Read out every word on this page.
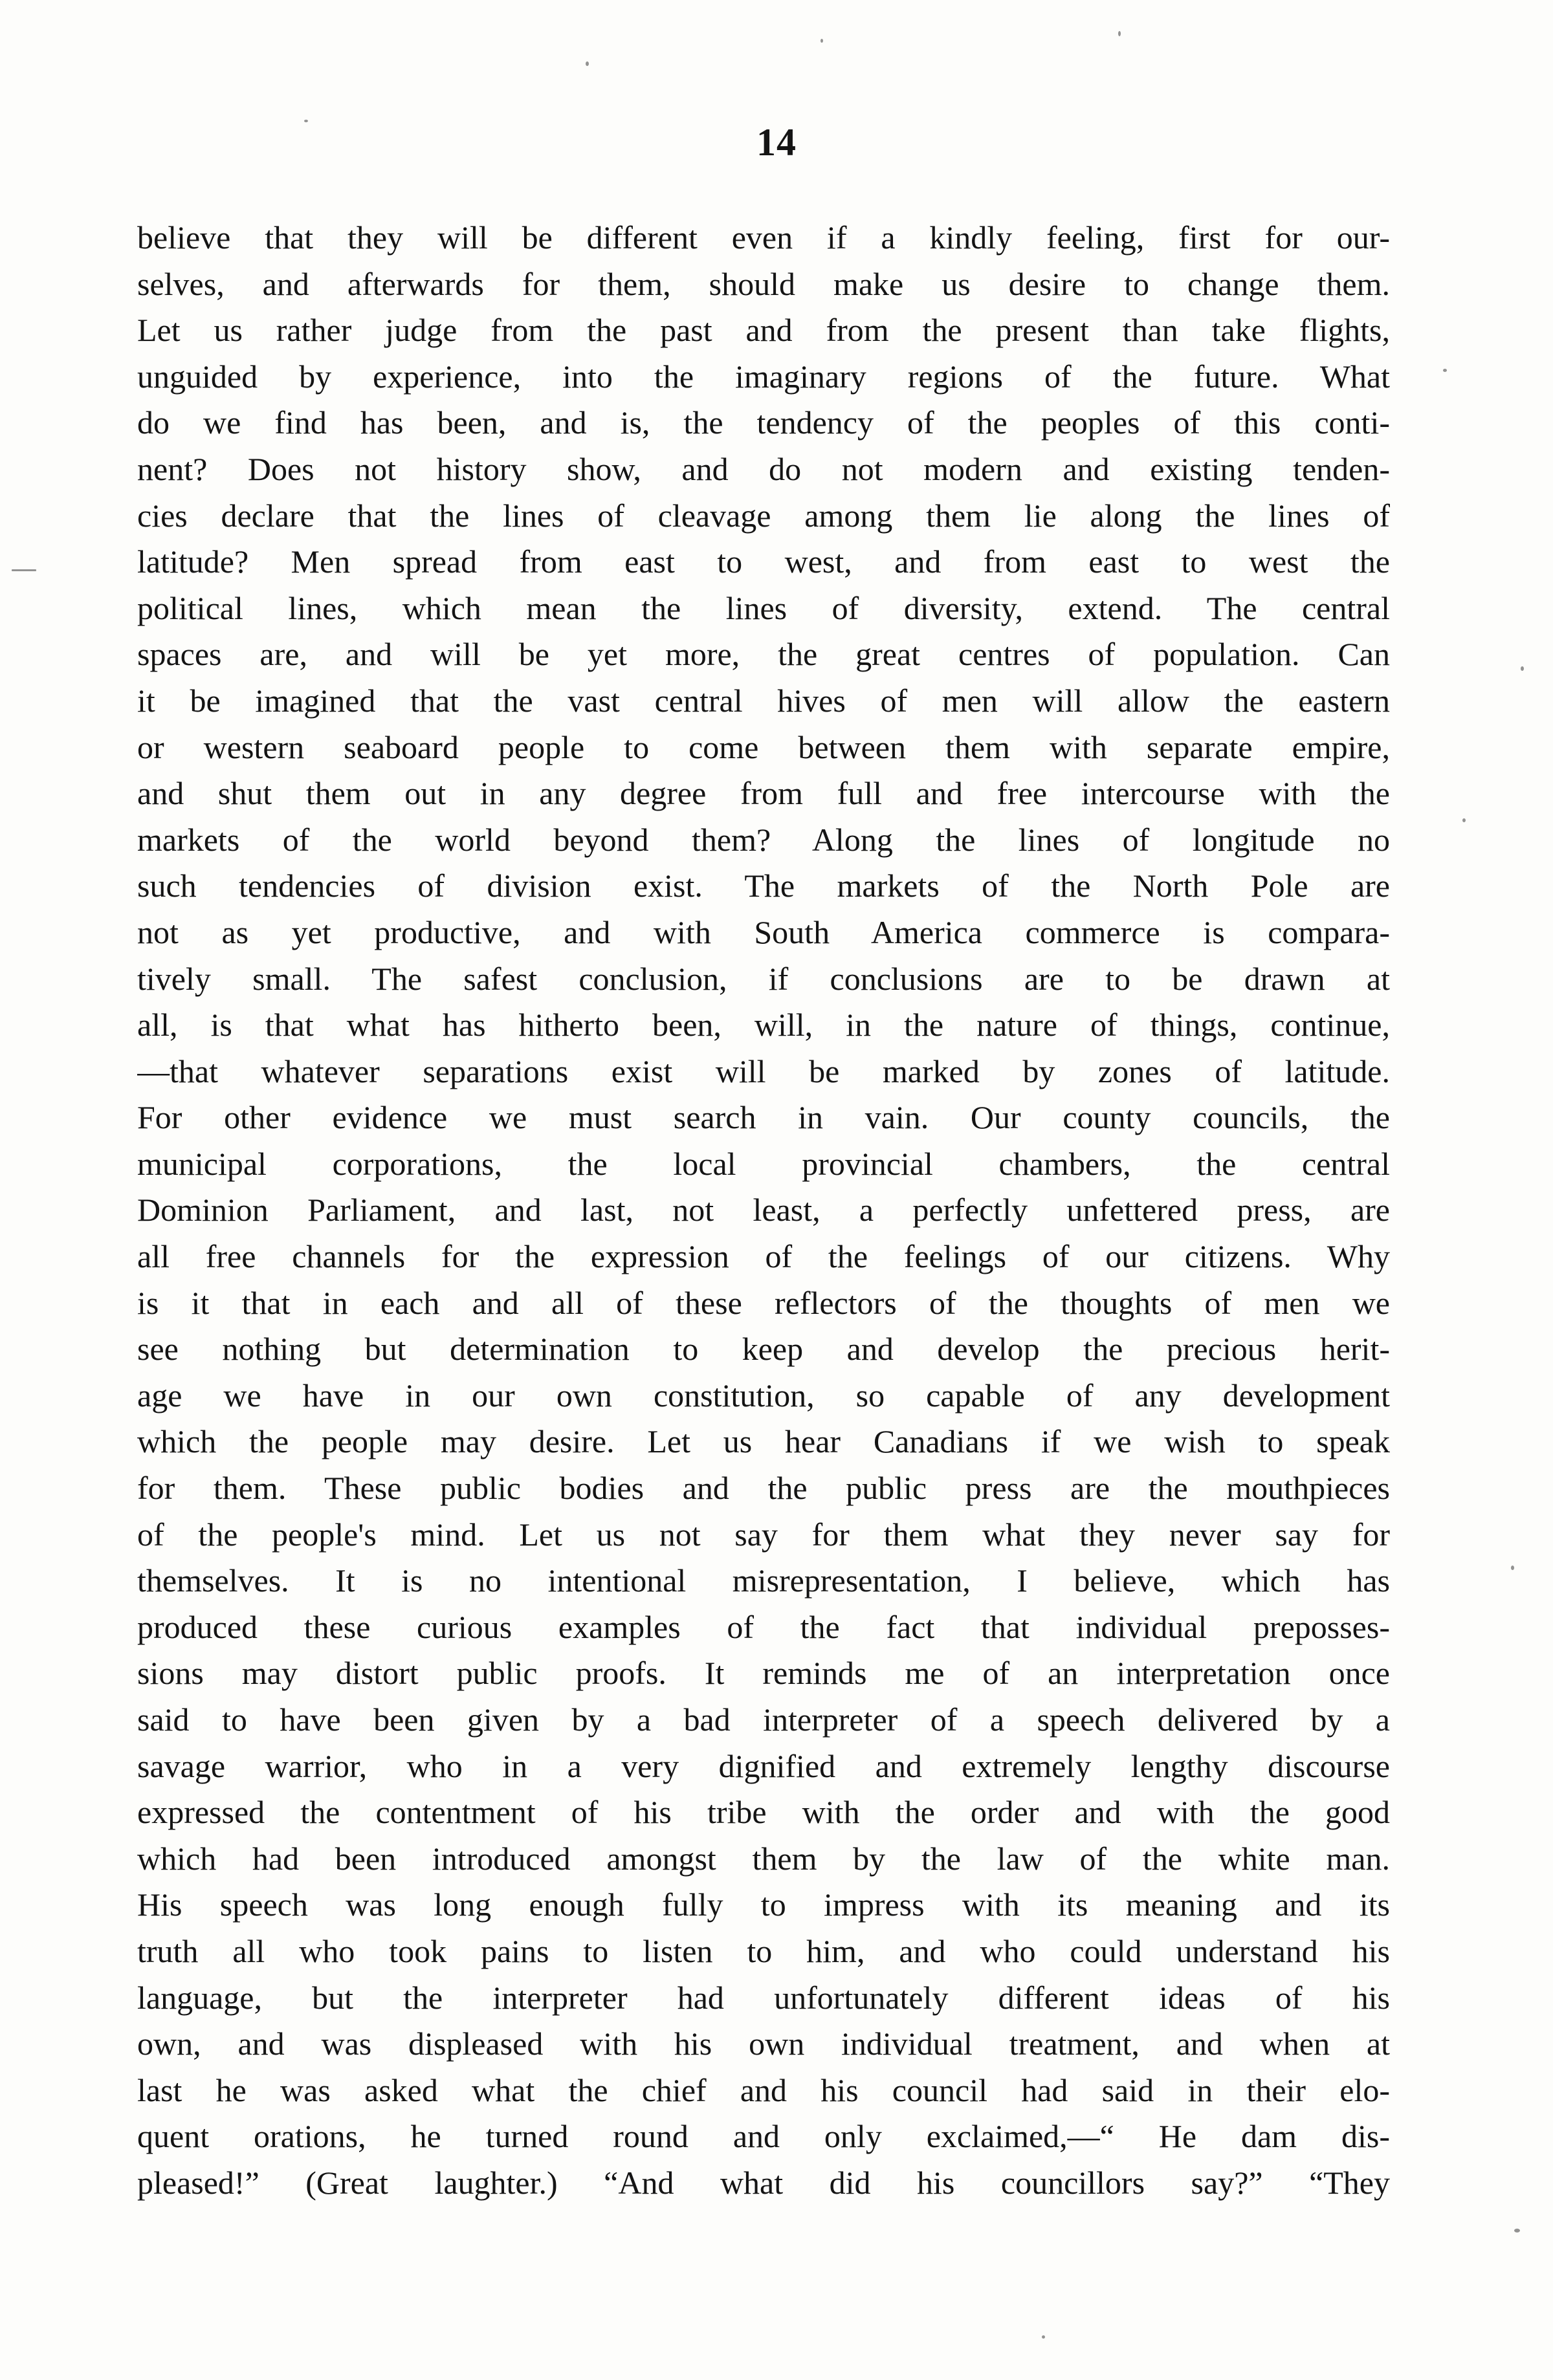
14
believe that they will be different even if a kindly feeling, first for our-
selves, and afterwards for them, should make us desire to change them.
Let us rather judge from the past and from the present than take flights,
unguided by experience, into the imaginary regions of the future. What
do we find has been, and is, the tendency of the peoples of this conti-
nent? Does not history show, and do not modern and existing tenden-
cies declare that the lines of cleavage among them lie along the lines of
latitude? Men spread from east to west, and from east to west the
political lines, which mean the lines of diversity, extend. The central
spaces are, and will be yet more, the great centres of population. Can
it be imagined that the vast central hives of men will allow the eastern
or western seaboard people to come between them with separate empire,
and shut them out in any degree from full and free intercourse with the
markets of the world beyond them? Along the lines of longitude no
such tendencies of division exist. The markets of the North Pole are
not as yet productive, and with South America commerce is compara-
tively small. The safest conclusion, if conclusions are to be drawn at
all, is that what has hitherto been, will, in the nature of things, continue,
—that whatever separations exist will be marked by zones of latitude.
For other evidence we must search in vain. Our county councils, the
municipal corporations, the local provincial chambers, the central
Dominion Parliament, and last, not least, a perfectly unfettered press, are
all free channels for the expression of the feelings of our citizens. Why
is it that in each and all of these reflectors of the thoughts of men we
see nothing but determination to keep and develop the precious herit-
age we have in our own constitution, so capable of any development
which the people may desire. Let us hear Canadians if we wish to speak
for them. These public bodies and the public press are the mouthpieces
of the people's mind. Let us not say for them what they never say for
themselves. It is no intentional misrepresentation, I believe, which has
produced these curious examples of the fact that individual preposses-
sions may distort public proofs. It reminds me of an interpretation once
said to have been given by a bad interpreter of a speech delivered by a
savage warrior, who in a very dignified and extremely lengthy discourse
expressed the contentment of his tribe with the order and with the good
which had been introduced amongst them by the law of the white man.
His speech was long enough fully to impress with its meaning and its
truth all who took pains to listen to him, and who could understand his
language, but the interpreter had unfortunately different ideas of his
own, and was displeased with his own individual treatment, and when at
last he was asked what the chief and his council had said in their elo-
quent orations, he turned round and only exclaimed,—“ He dam dis-
pleased!” (Great laughter.) “And what did his councillors say?” “They
